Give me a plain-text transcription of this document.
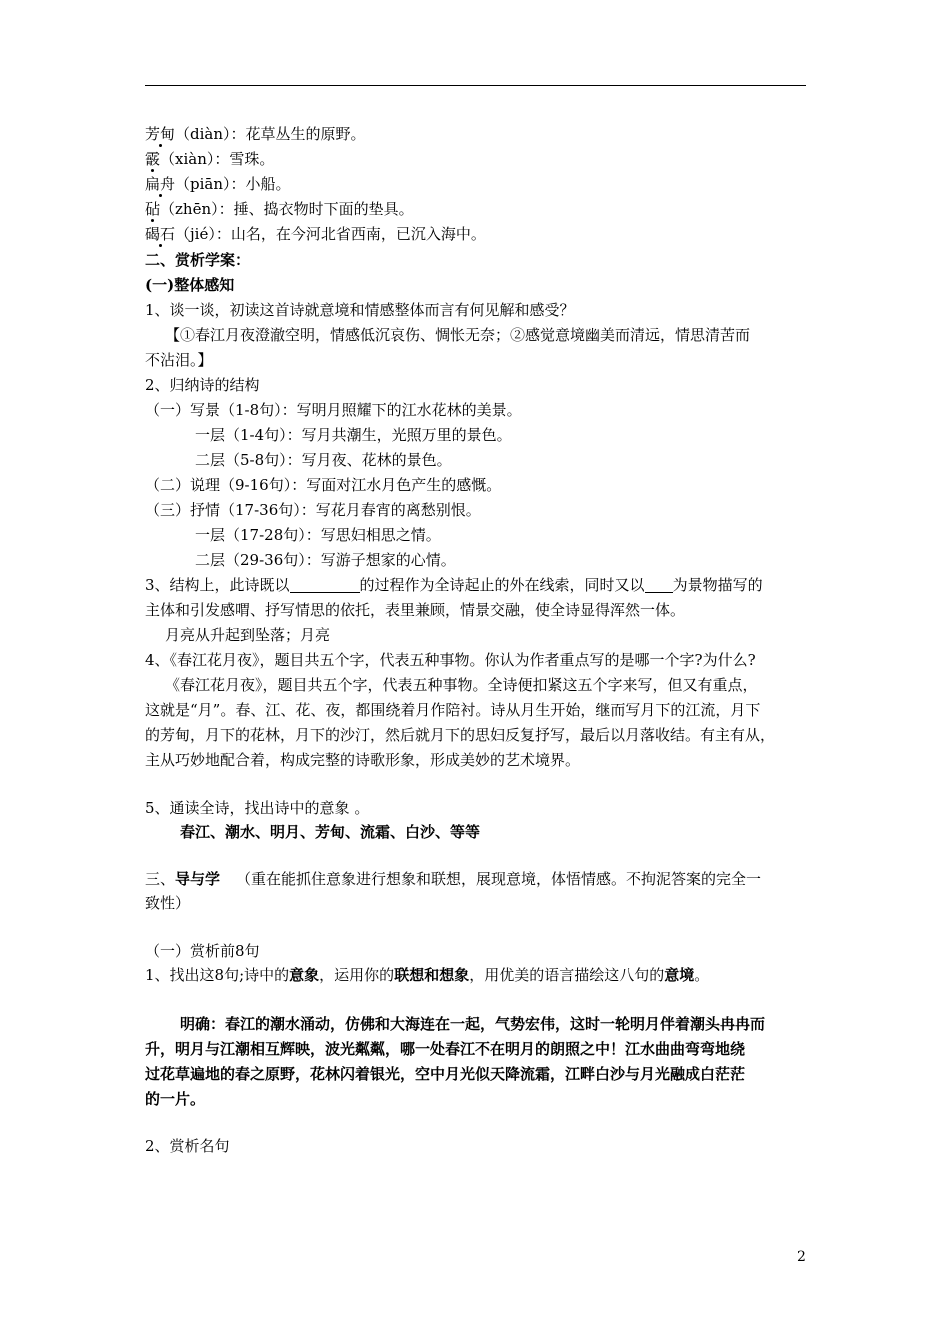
芳甸（diàn）：花草丛生的原野。
霰（xiàn）：雪珠。
扁舟（piān）：小船。
砧（zhēn）：捶、捣衣物时下面的垫具。
碣石（jié）：山名，在今河北省西南，已沉入海中。
二、赏析学案：
(一)整体感知
1、谈一谈，初读这首诗就意境和情感整体而言有何见解和感受？
【①春江月夜澄澈空明，情感低沉哀伤、惆怅无奈；②感觉意境幽美而清远，情思清苦而
不沾泪。】
2、归纳诗的结构
（一）写景（1-8句）：写明月照耀下的江水花林的美景。
一层（1-4句）：写月共潮生，光照万里的景色。
二层（5-8句）：写月夜、花林的景色。
（二）说理（9-16句）：写面对江水月色产生的感慨。
（三）抒情（17-36句）：写花月春宵的离愁别恨。
一层（17-28句）：写思妇相思之情。
二层（29-36句）：写游子想家的心情。
3、结构上，此诗既以	的过程作为全诗起止的外在线索，同时又以 为景物描写的
主体和引发感喟、抒写情思的依托，表里兼顾，情景交融，使全诗显得浑然一体。
月亮从升起到坠落；月亮
4、《春江花月夜》，题目共五个字，代表五种事物。你认为作者重点写的是哪一个字?为什么?
《春江花月夜》，题目共五个字，代表五种事物。全诗便扣紧这五个字来写，但又有重点，
这就是“月”。春、江、花、夜，都围绕着月作陪衬。诗从月生开始，继而写月下的江流，月下
的芳甸，月下的花林，月下的沙汀，然后就月下的思妇反复抒写，最后以月落收结。有主有从，
主从巧妙地配合着，构成完整的诗歌形象，形成美妙的艺术境界。
5、通读全诗，找出诗中的意象 。
春江、潮水、明月、芳甸、流霜、白沙、等等
三、导与学 （重在能抓住意象进行想象和联想，展现意境，体悟情感。不拘泥答案的完全一
致性）
（一）赏析前8句
1、找出这8句;诗中的意象，运用你的联想和想象，用优美的语言描绘这八句的意境。
明确：春江的潮水涌动，仿佛和大海连在一起，气势宏伟，这时一轮明月伴着潮头冉冉而
升，明月与江潮相互辉映，波光粼粼，哪一处春江不在明月的朗照之中！江水曲曲弯弯地绕
过花草遍地的春之原野，花林闪着银光，空中月光似天降流霜，江畔白沙与月光融成白茫茫
的一片。
2、赏析名句
2
